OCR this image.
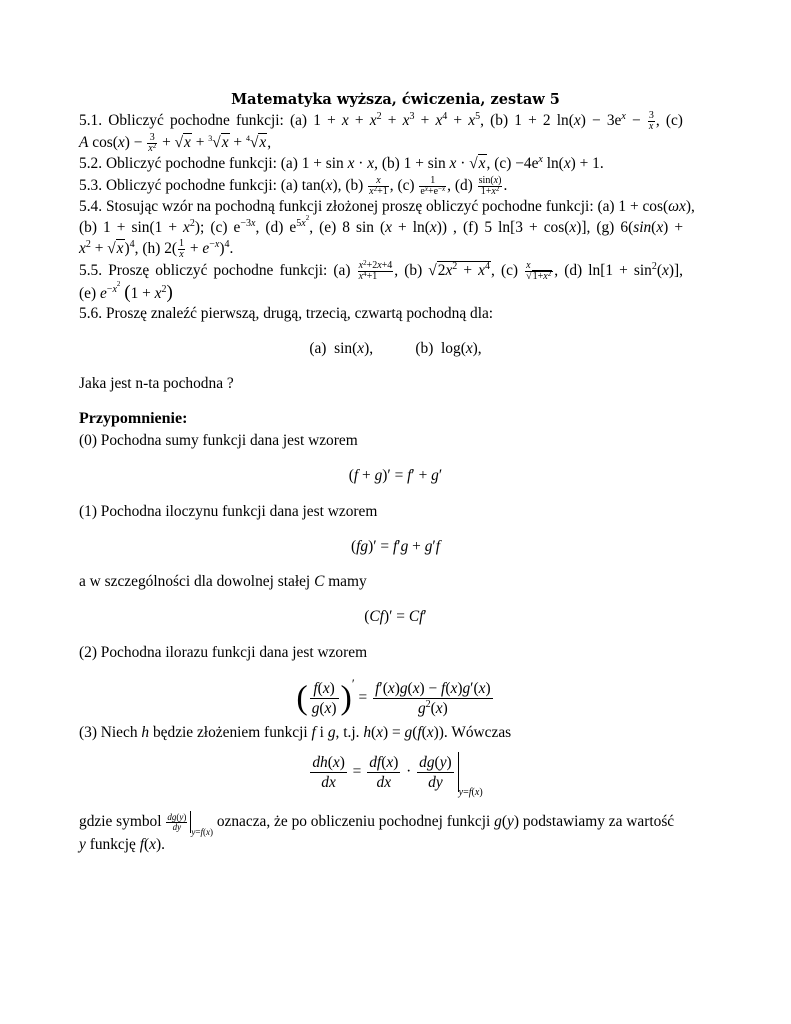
Matematyka wyższa, ćwiczenia, zestaw 5
5.1. Obliczyć pochodne funkcji: (a) $1 + x + x^2 + x^3 + x^4 + x^5$, (b) 1 + 2 $\ln(x) - 3e^x - \frac{3}{x}$ , (c)
A $\cos(x) - \frac{3}{x^2} + √x + ^3√x + ^4√x$,
5.2. Obliczyć pochodne funkcji: (a) 1 + sin x · x, (b) 1 + sin x · √x, $(c) -4e^x$ ln(x) + 1.
5.3. Obliczyć pochodne funkcji: (a) tan(x), $(b) \frac{x}{x^2+1}$ , $(c) \frac{1}{e^x+e^{-x}}$ , $(d) \frac{\sin(x)}{1+x^2}$ .
5.4. Stosując wzór na pochodną funkcji złożonej proszę obliczyć pochodne funkcji: (a) 1 + cos(ωx),
(b) $1 + \sin(1 + x^2)$; (c) $e^{-3x}$, (d) $e^{5x^2}$, (e) 8 sin (x + ln(x)) , (f) 5 ln[3 + cos(x)], (g) 6(sin(x) +
$x^2 + √x)^4$, (h) $2( \frac{1}{x} + e^{-x})^4$.
5.5. Proszę obliczyć pochodne funkcji: $(a) \frac{x^2+2x+4}{x^4+1}$ , (b) $√2x^2 + x^4$, $(c) \frac{x}{√1+x^2}$ , (d) $\ln[1 + \sin^2(x)]$,
(e) $e^{-x^2}$ $(1 + x^2)$
5.6. Proszę znaleźć pierwszą, drugą, trzecią, czwartą pochodną dla:
(a) sin(x),	(b) log(x),
Jaka jest n-ta pochodna ?
Przypomnienie:
(0) Pochodna sumy funkcji dana jest wzorem
(f + g)′ = f′ + g′
(1) Pochodna iloczynu funkcji dana jest wzorem
(fg)′ = f′g + g′f
a w szczególności dla dowolnej stałej C mamy
(Cf)′ = Cf′
(2) Pochodna ilorazu funkcji dana jest wzorem
( $\frac{f(x)}{g(x)} )' = \frac{f'(x)g(x) - f(x)g'(x)}{g^2(x)}$
(3) Niech h będzie złożeniem funkcji f i g, t.j. h(x) = g(f(x)). Wówczas
$\frac{dh(x)}{dx} = \frac{df(x)}{dx} \cdot \frac{dg(y)}{dy}$
$_{y=f(x)}$
gdzie symbol $\frac{dg(y)}{dy}$
$_{y=f(x)}$ oznacza, że po obliczeniu pochodnej funkcji g(y) podstawiamy za wartość
y funkcję f(x).
